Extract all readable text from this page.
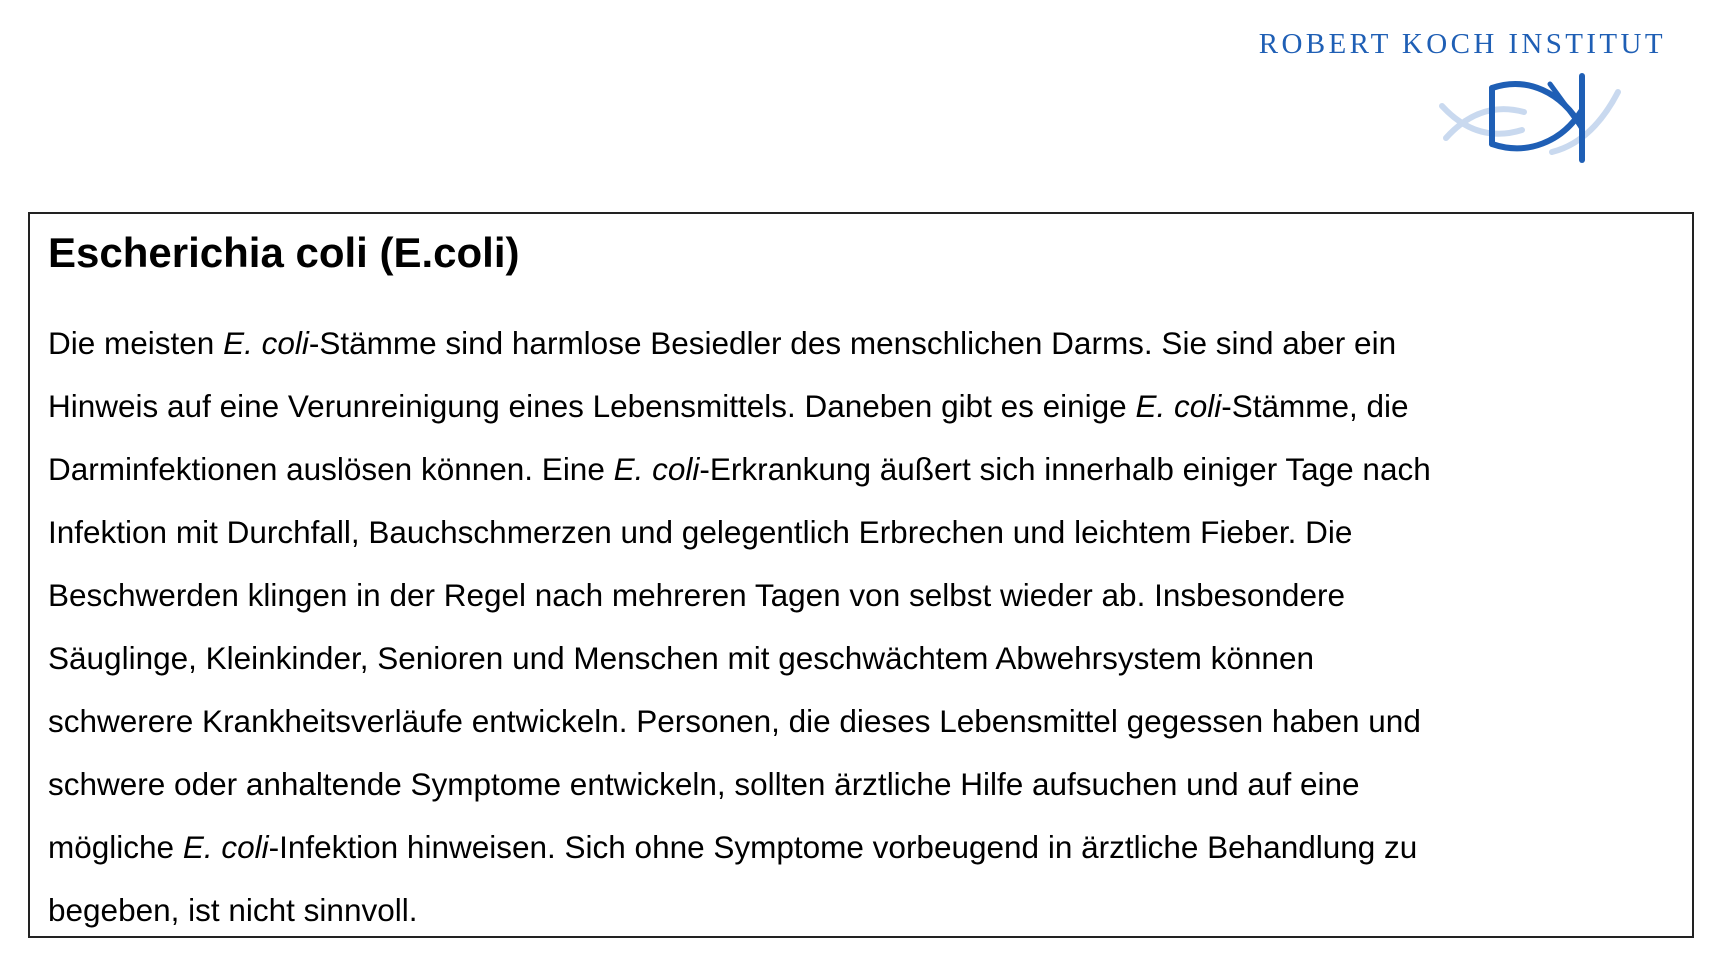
ROBERT KOCH INSTITUT
Escherichia coli (E.coli)
Die meisten E. coli-Stämme sind harmlose Besiedler des menschlichen Darms. Sie sind aber ein
Hinweis auf eine Verunreinigung eines Lebensmittels. Daneben gibt es einige E. coli-Stämme, die
Darminfektionen auslösen können. Eine E. coli-Erkrankung äußert sich innerhalb einiger Tage nach
Infektion mit Durchfall, Bauchschmerzen und gelegentlich Erbrechen und leichtem Fieber. Die
Beschwerden klingen in der Regel nach mehreren Tagen von selbst wieder ab. Insbesondere
Säuglinge, Kleinkinder, Senioren und Menschen mit geschwächtem Abwehrsystem können
schwerere Krankheitsverläufe entwickeln. Personen, die dieses Lebensmittel gegessen haben und
schwere oder anhaltende Symptome entwickeln, sollten ärztliche Hilfe aufsuchen und auf eine
mögliche E. coli-Infektion hinweisen. Sich ohne Symptome vorbeugend in ärztliche Behandlung zu
begeben, ist nicht sinnvoll.
